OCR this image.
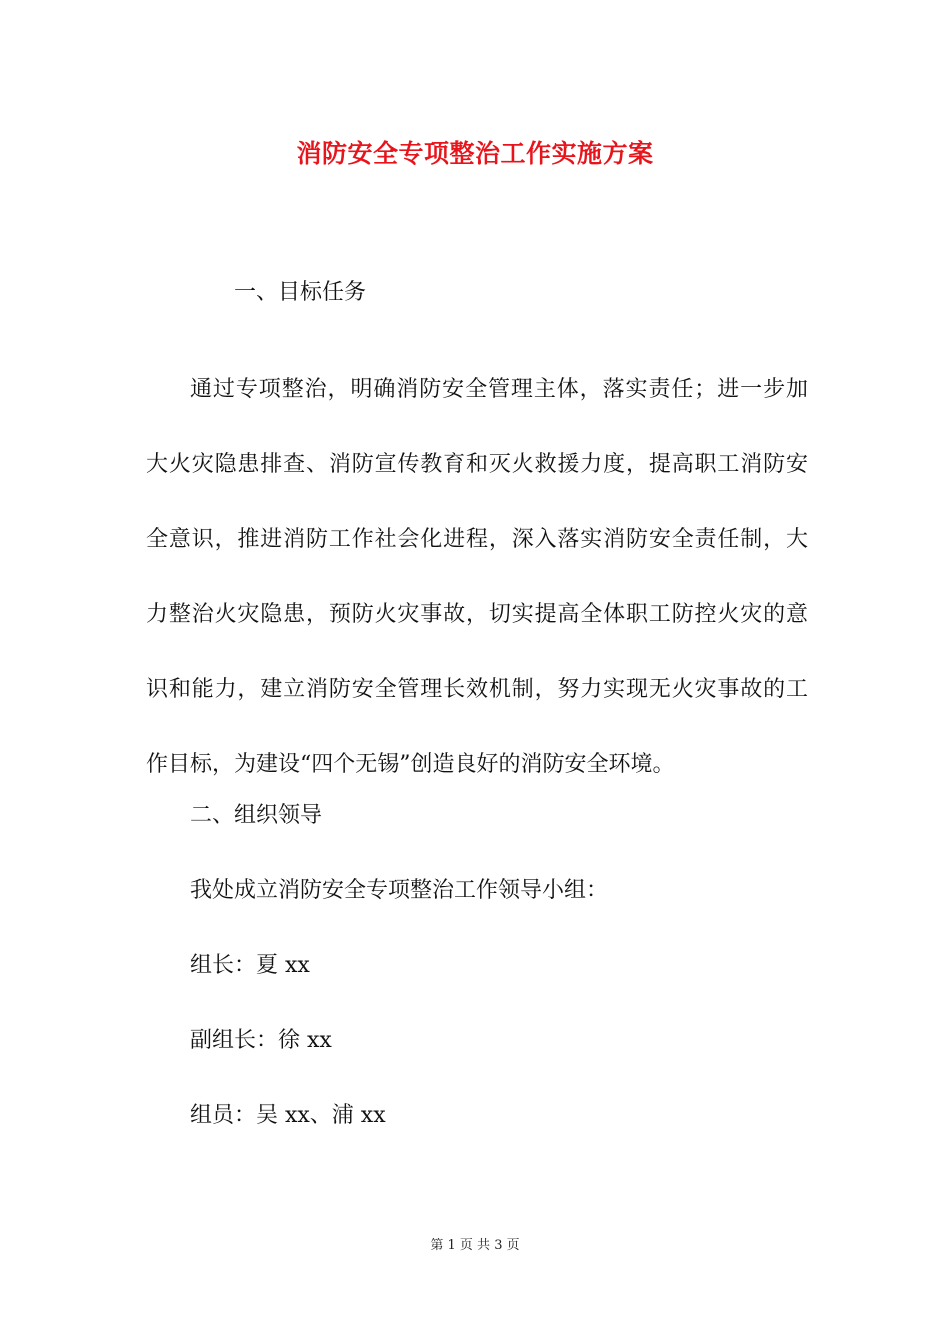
消防安全专项整治工作实施方案
一、目标任务
通过专项整治，明确消防安全管理主体，落实责任；进一步加
大火灾隐患排查、消防宣传教育和灭火救援力度，提高职工消防安
全意识，推进消防工作社会化进程，深入落实消防安全责任制，大
力整治火灾隐患，预防火灾事故，切实提高全体职工防控火灾的意
识和能力，建立消防安全管理长效机制，努力实现无火灾事故的工
作目标，为建设“四个无锡”创造良好的消防安全环境。
二、组织领导
我处成立消防安全专项整治工作领导小组：
组长：夏 xx
副组长：徐 xx
组员：吴 xx、浦 xx
第 1 页 共 3 页
